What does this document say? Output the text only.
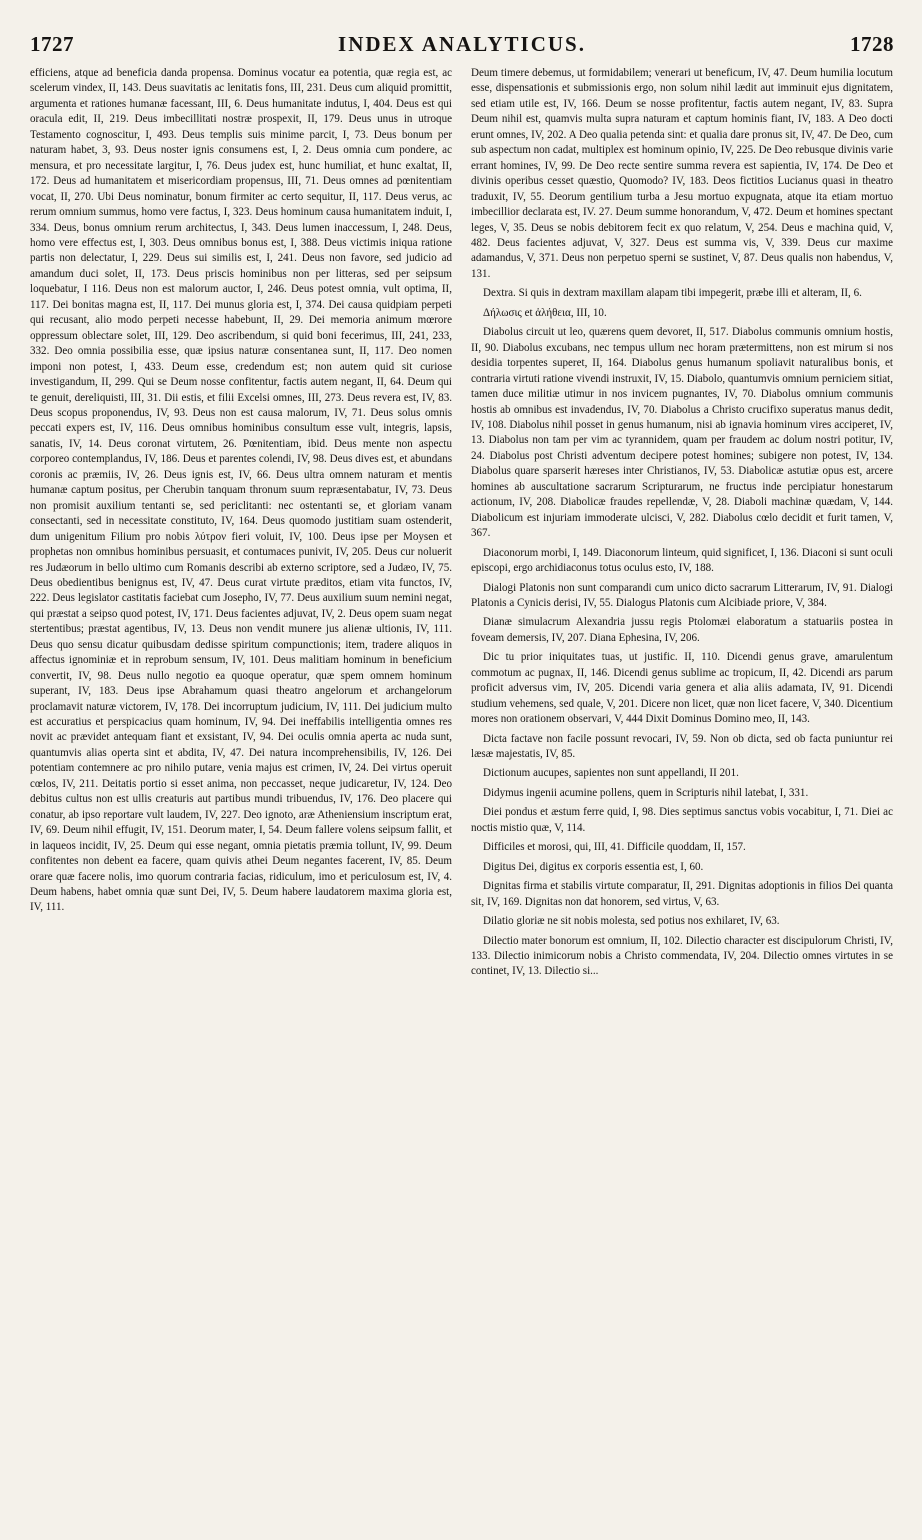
1727	INDEX ANALYTICUS.	1728

efficiens, atque ad beneficia danda propensa. Dominus vocatur ea potentia, quæ regia est, ac scelerum vindex, II, 143. Deus suavitatis ac lenitatis fons, III, 231. Deus cum aliquid promittit, argumenta et rationes humanæ facessant, III, 6. Deus humanitate indutus, I, 404. Deus est qui oracula edit, II, 219. Deus imbecillitati nostræ prospexit, II, 179. Deus unus in utroque Testamento cognoscitur, I, 493. Deus templis suis minime parcit, I, 73. Deus bonum per naturam habet, 3, 93. Deus noster ignis consumens est, I, 2. Deus omnia cum pondere, ac mensura, et pro necessitate largitur, I, 76. Deus judex est, hunc humiliat, et hunc exaltat, II, 172. Deus ad humanitatem et misericordiam propensus, III, 71. Deus omnes ad pœnitentiam vocat, II, 270. Ubi Deus nominatur, bonum firmiter ac certo sequitur, II, 117. Deus verus, ac rerum omnium summus, homo vere factus, I, 323. Deus hominum causa humanitatem induit, I, 334. Deus, bonus omnium rerum architectus, I, 343. Deus lumen inaccessum, I, 248. Deus, homo vere effectus est, I, 303. Deus omnibus bonus est, I, 388. Deus victimis iniqua ratione partis non delectatur, I, 229. Deus sui similis est, I, 241. Deus non favore, sed judicio ad amandum duci solet, II, 173. Deus priscis hominibus non per litteras, sed per seipsum loquebatur, I 116. Deus non est malorum auctor, I, 246. Deus potest omnia, vult optima, II, 117. Dei bonitas magna est, II, 117. Dei munus gloria est, I, 374. Dei causa quidpiam perpeti qui recusant, alio modo perpeti necesse habebunt, II, 29. Dei memoria animum mœrore oppressum oblectare solet, III, 129. Deo ascribendum, si quid boni fecerimus, III, 241, 233, 332. Deo omnia possibilia esse, quæ ipsius naturæ consentanea sunt, II, 117. Deo nomen imponi non potest, I, 433. Deum esse, credendum est; non autem quid sit curiose investigandum, II, 299. Qui se Deum nosse confitentur, factis autem negant, II, 64. Deum qui te genuit, dereliquisti, III, 31. Dii estis, et filii Excelsi omnes, III, 273. Deus revera est, IV, 83. Deus scopus proponendus, IV, 93. Deus non est causa malorum, IV, 71. Deus solus omnis peccati expers est, IV, 116. Deus omnibus hominibus consultum esse vult, integris, lapsis, sanatis, IV, 14. Deus coronat virtutem, 26. Pœnitentiam, ibid. Deus mente non aspectu corporeo contemplandus, IV, 186. Deus et parentes colendi, IV, 98. Deus dives est, et abundans coronis ac præmiis, IV, 26. Deus ignis est, IV, 66. Deus ultra omnem naturam et mentis humanæ captum positus, per Cherubin tanquam thronum suum repræsentabatur, IV, 73. Deus non promisit auxilium tentanti se, sed periclitanti: nec ostentanti se, et gloriam vanam consectanti, sed in necessitate constituto, IV, 164. Deus quomodo justitiam suam ostenderit, dum unigenitum Filium pro nobis λύτρον fieri voluit, IV, 100. Deus ipse per Moysen et prophetas non omnibus hominibus persuasit, et contumaces punivit, IV, 205. Deus cur noluerit res Judæorum in bello ultimo cum Romanis describi ab externo scriptore, sed a Judæo, IV, 75. Deus obedientibus benignus est, IV, 47. Deus curat virtute præditos, etiam vita functos, IV, 222. Deus legislator castitatis faciebat cum Josepho, IV, 77. Deus auxilium suum nemini negat, qui præstat a seipso quod potest, IV, 171. Deus facientes adjuvat, IV, 2. Deus opem suam negat stertentibus; præstat agentibus, IV, 13. Deus non vendit munere jus alienæ ultionis, IV, 111. Deus quo sensu dicatur quibusdam dedisse spiritum compunctionis; item, tradere aliquos in affectus ignominiæ et in reprobum sensum, IV, 101. Deus malitiam hominum in beneficium convertit, IV, 98. Deus nullo negotio ea quoque operatur, quæ spem omnem hominum superant, IV, 183. Deus ipse Abrahamum quasi theatro angelorum et archangelorum proclamavit naturæ victorem, IV, 178. Dei incorruptum judicium, IV, 111. Dei judicium multo est accuratius et perspicacius quam hominum, IV, 94. Dei ineffabilis intelligentia omnes res novit ac prævidet antequam fiant et exsistant, IV, 94. Dei oculis omnia aperta ac nuda sunt, quantumvis alias operta sint et abdita, IV, 47. Dei natura incomprehensibilis, IV, 126. Dei potentiam contemnere ac pro nihilo putare, venia majus est crimen, IV, 24. Dei virtus operuit cœlos, IV, 211. Deitatis portio si esset anima, non peccasset, neque judicaretur, IV, 124. Deo debitus cultus non est ullis creaturis aut partibus mundi tribuendus, IV, 176. Deo placere qui conatur, ab ipso reportare vult laudem, IV, 227. Deo ignoto, aræ Atheniensium inscriptum erat, IV, 69. Deum nihil effugit, IV, 151. Deorum mater, I, 54. Deum fallere volens seipsum fallit, et in laqueos incidit, IV, 25. Deum qui esse negant, omnia pietatis præmia tollunt, IV, 99. Deum confitentes non debent ea facere, quam quivis athei Deum negantes facerent, IV, 85. Deum orare quæ facere nolis, imo quorum contraria facias, ridiculum, imo et periculosum est, IV, 4. Deum habens, habet omnia quæ sunt Dei, IV, 5. Deum habere laudatorem maxima gloria est, IV, 111.

Deum timere debemus, ut formidabilem; venerari ut beneficum, IV, 47. Deum humilia locutum esse, dispensationis et submissionis ergo, non solum nihil lædit aut imminuit ejus dignitatem, sed etiam utile est, IV, 166. Deum se nosse profitentur, factis autem negant, IV, 83. Supra Deum nihil est, quamvis multa supra naturam et captum hominis fiant, IV, 183. A Deo docti erunt omnes, IV, 202. A Deo qualia petenda sint: et qualia dare pronus sit, IV, 47. De Deo, cum sub aspectum non cadat, multiplex est hominum opinio, IV, 225. De Deo rebusque divinis varie errant homines, IV, 99. De Deo recte sentire summa revera est sapientia, IV, 174. De Deo et divinis operibus cesset quæstio, Quomodo? IV, 183. Deos fictitios Lucianus quasi in theatro traduxit, IV, 55. Deorum gentilium turba a Jesu mortuo expugnata, atque ita etiam mortuo imbecillior declarata est, IV. 27. Deum summe honorandum, V, 472. Deum et homines spectant leges, V, 35. Deus se nobis debitorem fecit ex quo relatum, V, 254. Deus e machina quid, V, 482. Deus facientes adjuvat, V, 327. Deus est summa vis, V, 339. Deus cur maxime adamandus, V, 371. Deus non perpetuo sperni se sustinet, V, 87. Deus qualis non habendus, V, 131.

Dextra. Si quis in dextram maxillam alapam tibi impegerit, præbe illi et alteram, II, 6.

Δήλωσις et ἀλήθεια, III, 10.

Diabolus circuit ut leo, quærens quem devoret, II, 517. Diabolus communis omnium hostis, II, 90. Diabolus excubans, nec tempus ullum nec horam prætermittens, non est mirum si nos desidia torpentes superet, II, 164. Diabolus genus humanum spoliavit naturalibus bonis, et contraria virtuti ratione vivendi instruxit, IV, 15. Diabolo, quantumvis omnium perniciem sitiat, tamen duce militiæ utimur in nos invicem pugnantes, IV, 70. Diabolus omnium communis hostis ab omnibus est invadendus, IV, 70. Diabolus a Christo crucifixo superatus manus dedit, IV, 108. Diabolus nihil posset in genus humanum, nisi ab ignavia hominum vires acciperet, IV, 13. Diabolus non tam per vim ac tyrannidem, quam per fraudem ac dolum nostri potitur, IV, 24. Diabolus post Christi adventum decipere potest homines; subigere non potest, IV, 134. Diabolus quare sparserit hæreses inter Christianos, IV, 53. Diabolicæ astutiæ opus est, arcere homines ab auscultatione sacrarum Scripturarum, ne fructus inde percipiatur honestarum actionum, IV, 208. Diabolicæ fraudes repellendæ, V, 28. Diaboli machinæ quædam, V, 144. Diabolicum est injuriam immoderate ulcisci, V, 282. Diabolus cœlo decidit et furit tamen, V, 367.

Diaconorum morbi, I, 149. Diaconorum linteum, quid significet, I, 136. Diaconi si sunt oculi episcopi, ergo archidiaconus totus oculus esto, IV, 188.

Dialogi Platonis non sunt comparandi cum unico dicto sacrarum Litterarum, IV, 91. Dialogi Platonis a Cynicis derisi, IV, 55. Dialogus Platonis cum Alcibiade priore, V, 384.

Dianæ simulacrum Alexandria jussu regis Ptolomæi elaboratum a statuariis postea in foveam demersis, IV, 207. Diana Ephesina, IV, 206.

Dic tu prior iniquitates tuas, ut justific. II, 110. Dicendi genus grave, amarulentum commotum ac pugnax, II, 146. Dicendi genus sublime ac tropicum, II, 42. Dicendi ars parum proficit adversus vim, IV, 205. Dicendi varia genera et alia aliis adamata, IV, 91. Dicendi studium vehemens, sed quale, V, 201. Dicere non licet, quæ non licet facere, V, 340. Dicentium mores non orationem observari, V, 444 Dixit Dominus Domino meo, II, 143.

Dicta factave non facile possunt revocari, IV, 59. Non ob dicta, sed ob facta puniuntur rei læsæ majestatis, IV, 85.

Dictionum aucupes, sapientes non sunt appellandi, II 201.

Didymus ingenii acumine pollens, quem in Scripturis nihil latebat, I, 331.

Diei pondus et æstum ferre quid, I, 98. Dies septimus sanctus vobis vocabitur, I, 71. Diei ac noctis mistio quæ, V, 114.

Difficiles et morosi, qui, III, 41. Difficile quoddam, II, 157.

Digitus Dei, digitus ex corporis essentia est, I, 60.

Dignitas firma et stabilis virtute comparatur, II, 291. Dignitas adoptionis in filios Dei quanta sit, IV, 169. Dignitas non dat honorem, sed virtus, V, 63.

Dilatio gloriæ ne sit nobis molesta, sed potius nos exhilaret, IV, 63.

Dilectio mater bonorum est omnium, II, 102. Dilectio character est discipulorum Christi, IV, 133. Dilectio inimicorum nobis a Christo commendata, IV, 204. Dilectio omnes virtutes in se continet, IV, 13. Dilectio si...
